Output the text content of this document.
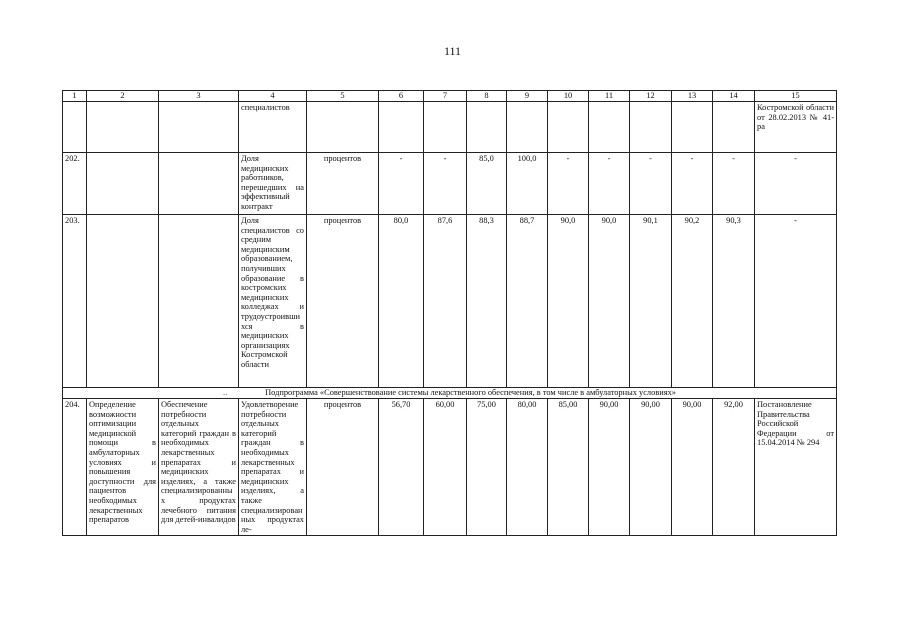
111
1	2	3	4	5	6	7	8	9	10	11	12	13	14	15
			специалистов											Костромской области от 28.02.2013 № 41-ра
202.			Доля медицинских работников, перешедших на эффективный контракт	процентов	-	-	85,0	100,0	-	-	-	-	-	-
203.			Доля специалистов со средним медицинским образованием, получивших образование в костромских медицинских колледжах и трудоустроившихся в медицинских организациях Костромской области	процентов	80,0	87,6	88,3	88,7	90,0	90,0	90,1	90,2	90,3	-
.. Подпрограмма «Совершенствование системы лекарственного обеспечения, в том числе в амбулаторных условиях»														
204.	Определение возможности оптимизации медицинской помощи в амбулаторных условиях и повышения доступности для пациентов необходимых лекарственных препаратов	Обеспечение потребности отдельных категорий граждан в необходимых лекарственных препаратах и медицинских изделиях, а также специализированных продуктах лечебного питания для детей-инвалидов	Удовлетворение потребности отдельных категорий граждан в необходимых лекарственных препаратах и медицинских изделиях, а также специализированных продуктах ле-	процентов	56,70	60,00	75,00	80,00	85,00	90,00	90,00	90,00	92,00	Постановление Правительства Российской Федерации от 15.04.2014 № 294
